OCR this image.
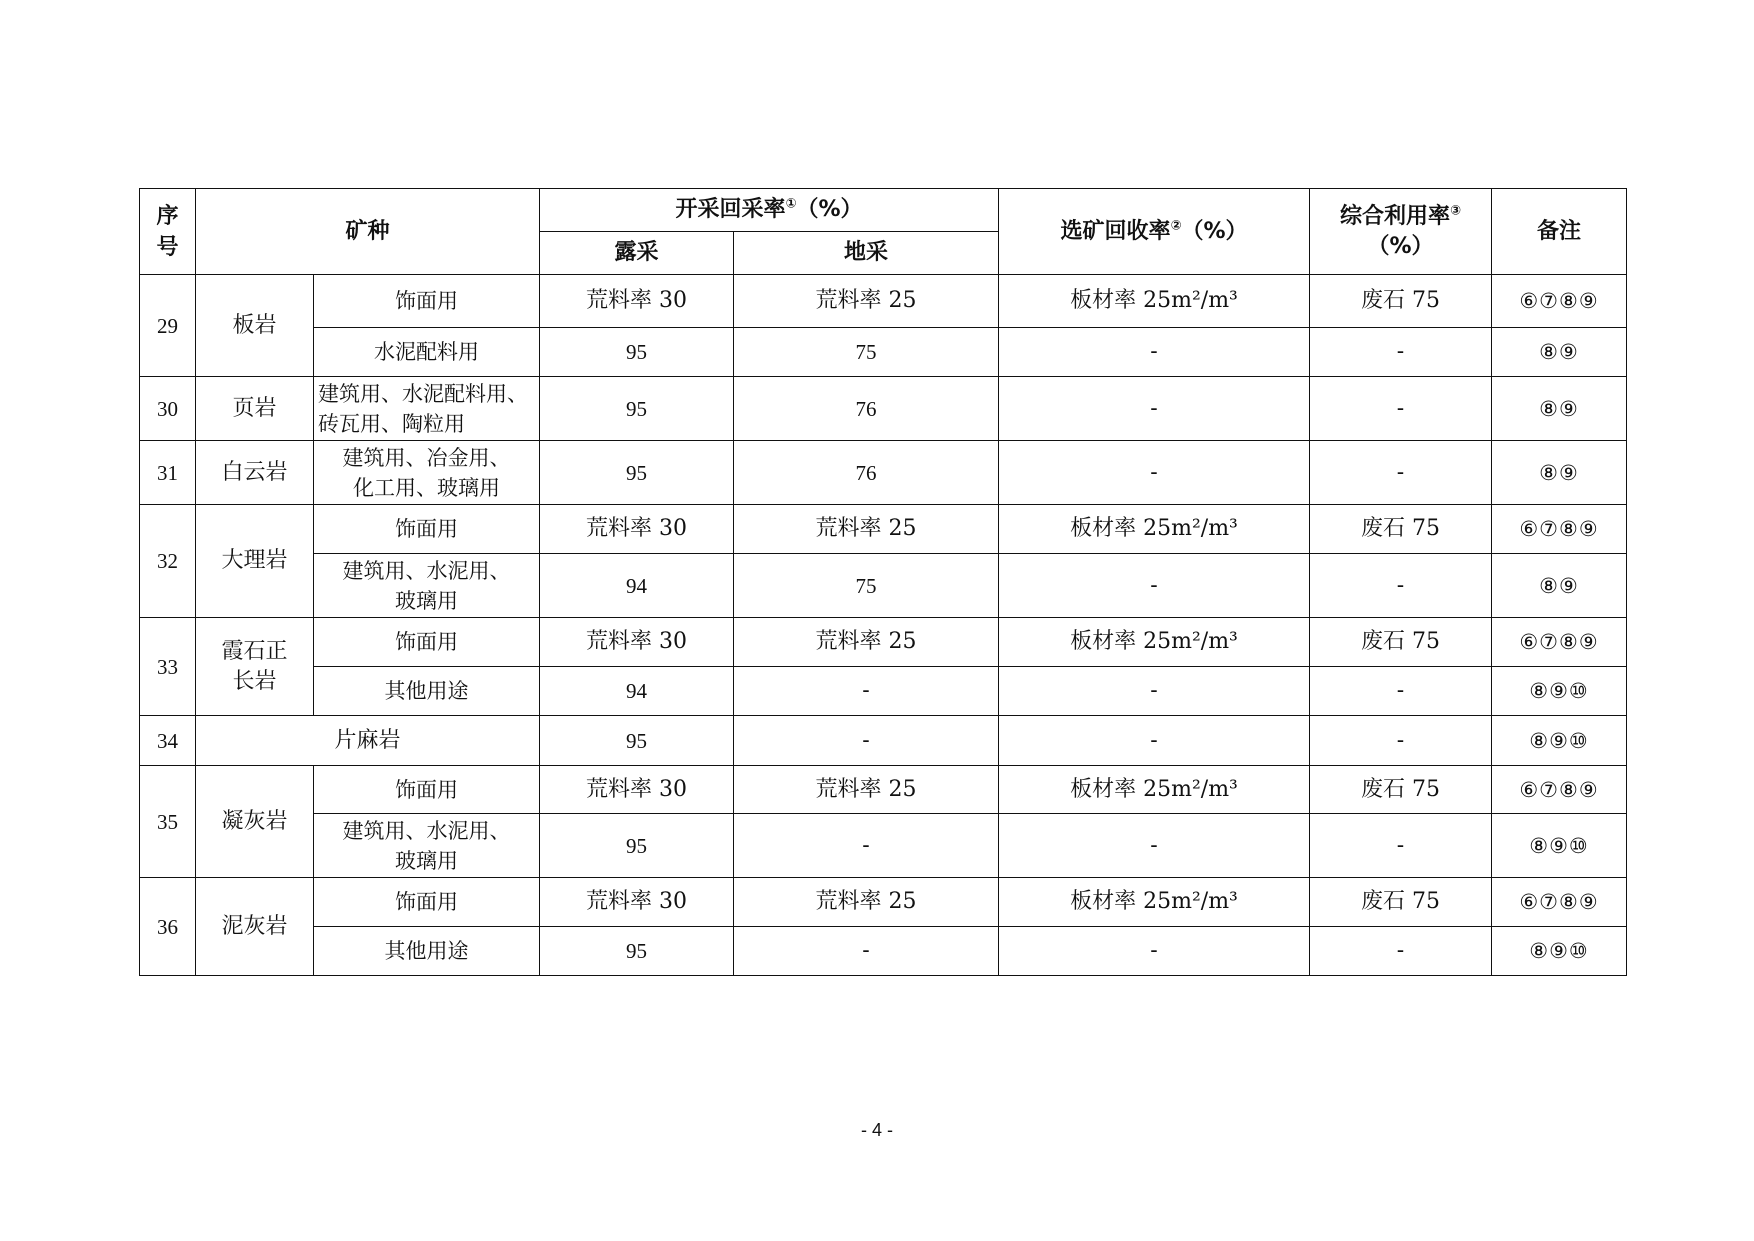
序号	矿种		开采回采率①（%）		选矿回收率②（%）	综合利用率③
（%）	备注
			露采	地采			
29	板岩	饰面用	荒料率 30	荒料率 25	板材率 25m²/m³	废石 75	⑥⑦⑧⑨
		水泥配料用	95	75	-	-	⑧⑨
30	页岩	建筑用、水泥配料用、
砖瓦用、陶粒用	95	76	-	-	⑧⑨
31	白云岩	建筑用、冶金用、
化工用、玻璃用	95	76	-	-	⑧⑨
32	大理岩	饰面用	荒料率 30	荒料率 25	板材率 25m²/m³	废石 75	⑥⑦⑧⑨

		建筑用、水泥用、
玻璃用	94	75	-	-	⑧⑨
33	霞石正
长岩	饰面用	荒料率 30	荒料率 25	板材率 25m²/m³	废石 75	⑥⑦⑧⑨
		其他用途	94	-	-	-	⑧⑨⑩
34	片麻岩		95	-	-	-	⑧⑨⑩
35	凝灰岩	饰面用	荒料率 30	荒料率 25	板材率 25m²/m³	废石 75	⑥⑦⑧⑨

		建筑用、水泥用、
玻璃用	95	-	-	-	⑧⑨⑩
36	泥灰岩	饰面用	荒料率 30	荒料率 25	板材率 25m²/m³	废石 75	⑥⑦⑧⑨
		其他用途	95	-	-	-	⑧⑨⑩
- 4 -
